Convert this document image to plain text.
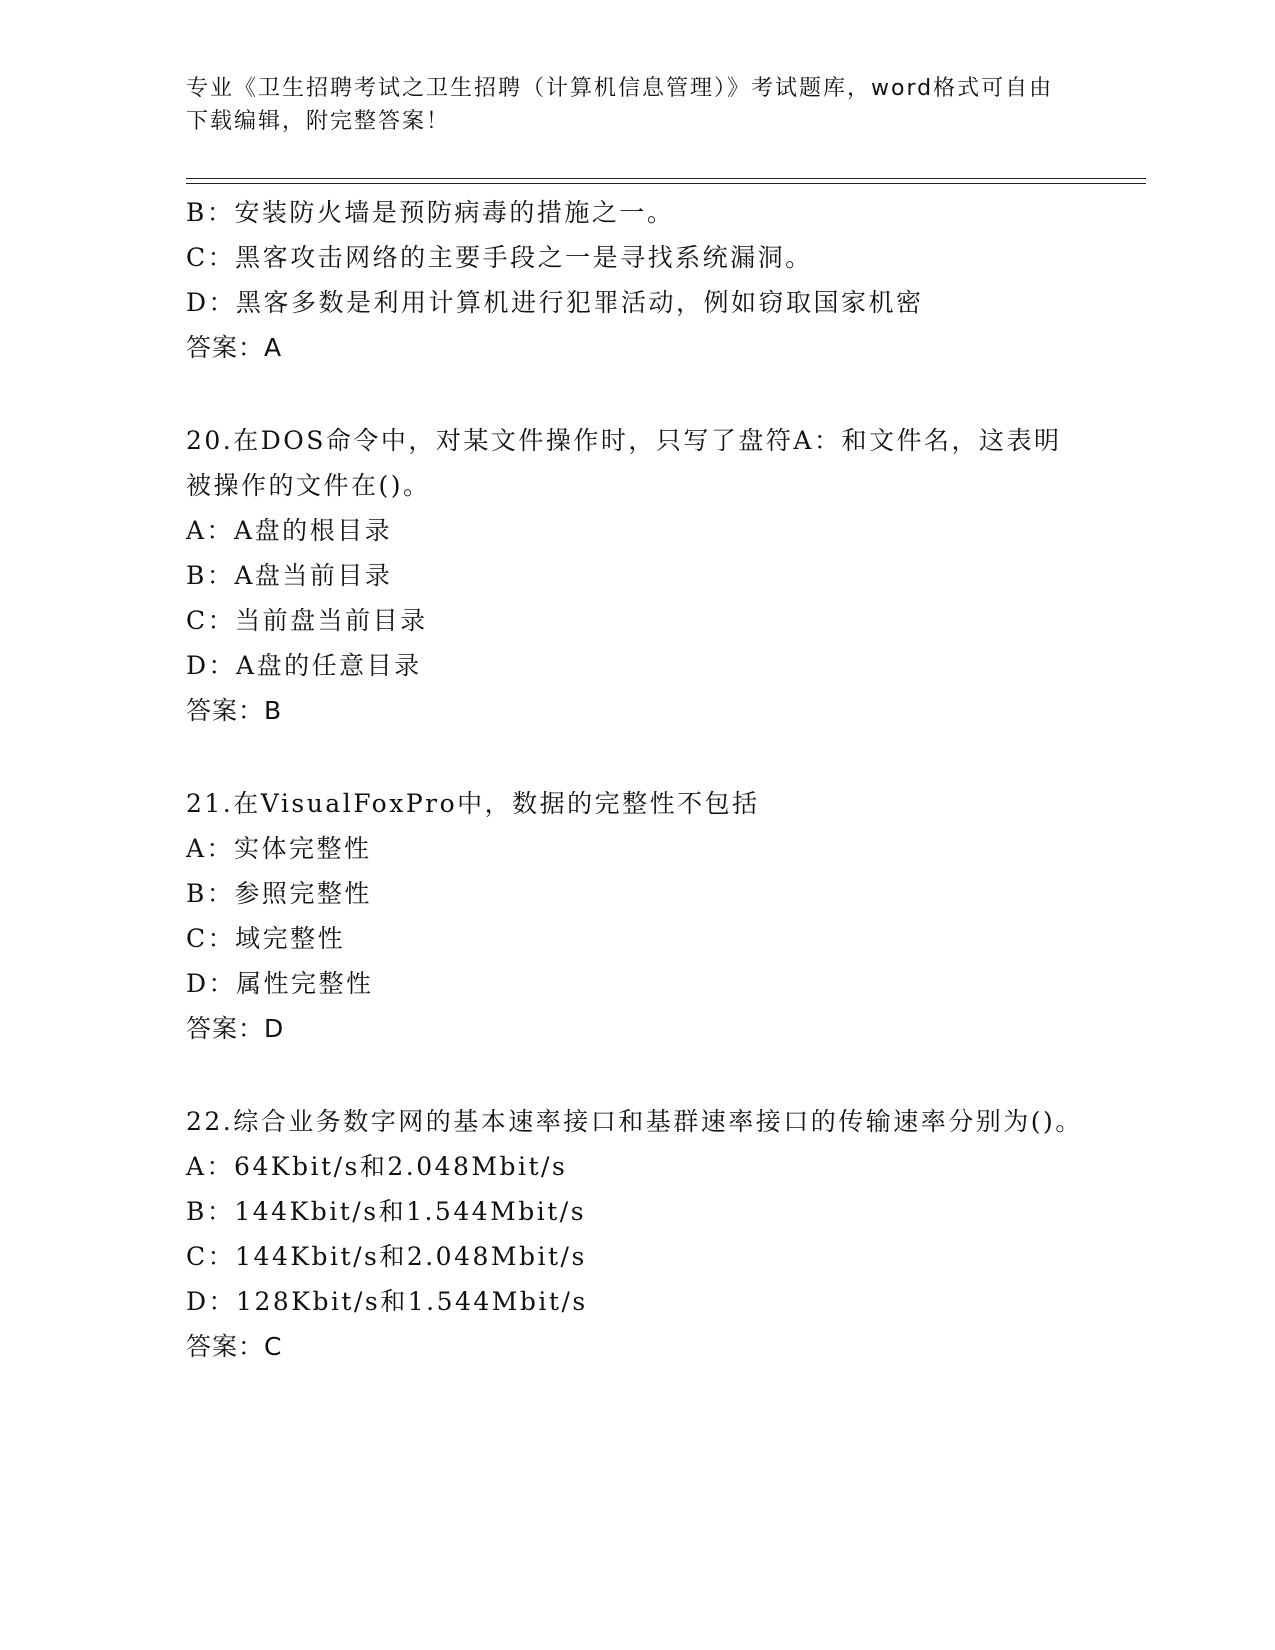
专业《卫生招聘考试之卫生招聘（计算机信息管理）》考试题库，word格式可自由下载编辑，附完整答案！
B：安装防火墙是预防病毒的措施之一。
C：黑客攻击网络的主要手段之一是寻找系统漏洞。
D：黑客多数是利用计算机进行犯罪活动，例如窃取国家机密
答案：A
20.在DOS命令中，对某文件操作时，只写了盘符A：和文件名，这表明被操作的文件在()。
A：A盘的根目录
B：A盘当前目录
C：当前盘当前目录
D：A盘的任意目录
答案：B
21.在VisualFoxPro中，数据的完整性不包括
A：实体完整性
B：参照完整性
C：域完整性
D：属性完整性
答案：D
22.综合业务数字网的基本速率接口和基群速率接口的传输速率分别为()。
A：64Kbit/s和2.048Mbit/s
B：144Kbit/s和1.544Mbit/s
C：144Kbit/s和2.048Mbit/s
D：128Kbit/s和1.544Mbit/s
答案：C
